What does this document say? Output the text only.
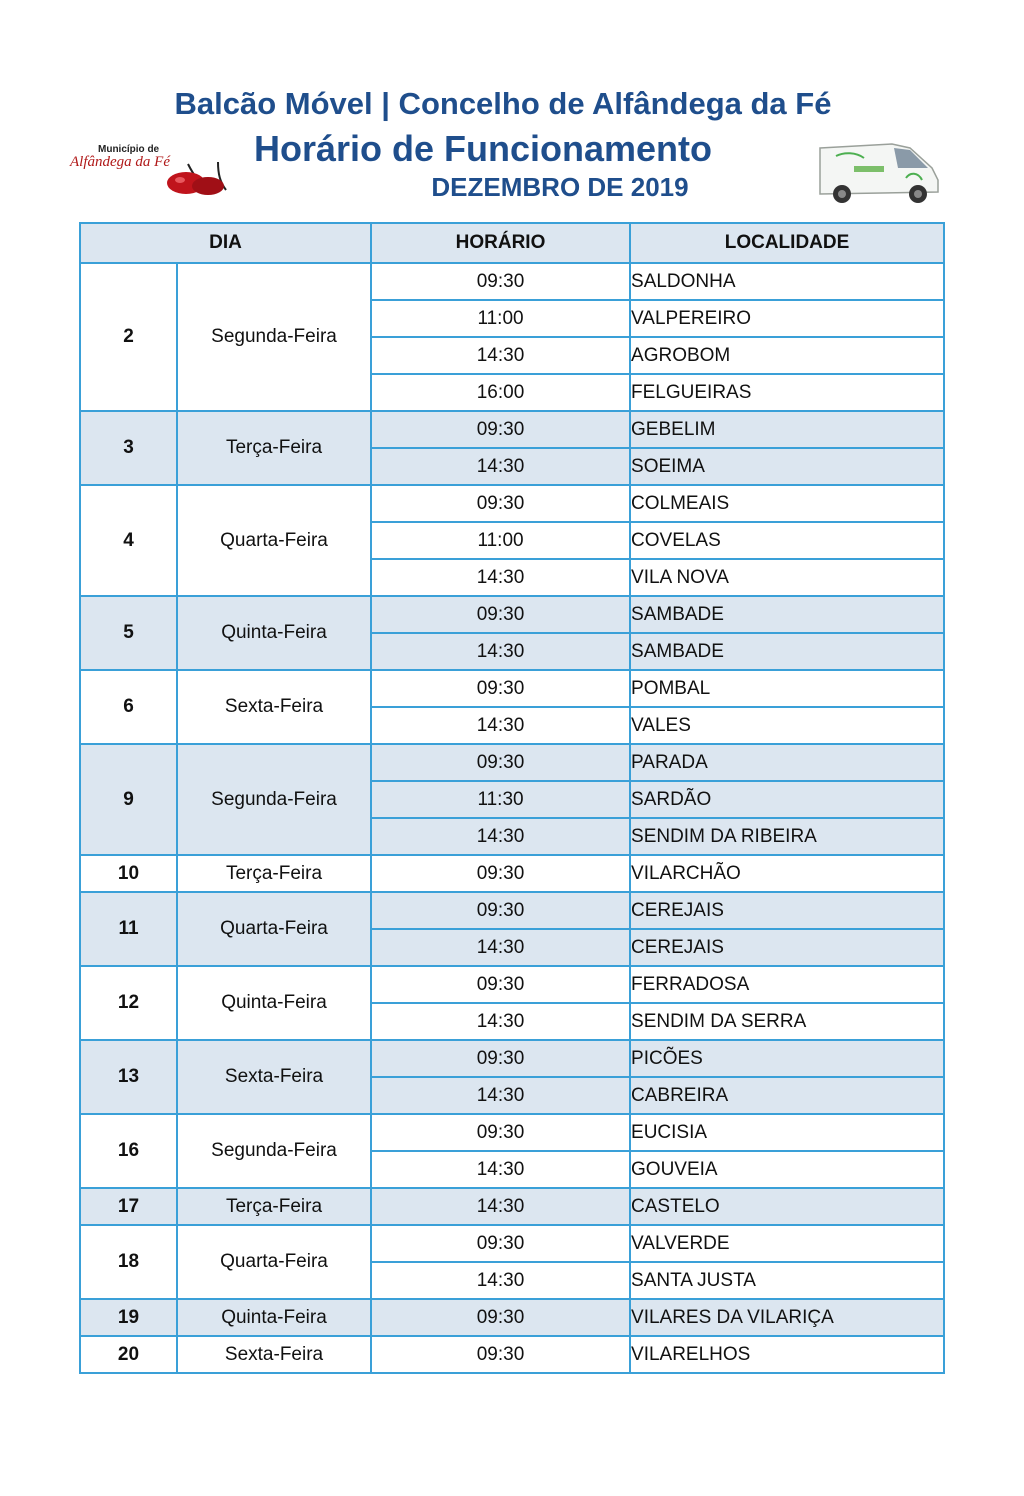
Balcão Móvel | Concelho de Alfândega da Fé
Município de
Alfândega da Fé	Horário de Funcionamento
DEZEMBRO DE 2019
DIA		HORÁRIO	LOCALIDADE
2	Segunda-Feira	09:30	SALDONHA
		11:00	VALPEREIRO
		14:30	AGROBOM
		16:00	FELGUEIRAS
3	Terça-Feira	09:30	GEBELIM
		14:30	SOEIMA
4	Quarta-Feira	09:30	COLMEAIS
		11:00	COVELAS
		14:30	VILA NOVA
5	Quinta-Feira	09:30	SAMBADE
		14:30	SAMBADE
6	Sexta-Feira	09:30	POMBAL
		14:30	VALES
9	Segunda-Feira	09:30	PARADA
		11:30	SARDÃO
		14:30	SENDIM DA RIBEIRA
10	Terça-Feira	09:30	VILARCHÃO
11	Quarta-Feira	09:30	CEREJAIS
		14:30	CEREJAIS
12	Quinta-Feira	09:30	FERRADOSA
		14:30	SENDIM DA SERRA
13	Sexta-Feira	09:30	PICÕES
		14:30	CABREIRA
16	Segunda-Feira	09:30	EUCISIA
		14:30	GOUVEIA
17	Terça-Feira	14:30	CASTELO
18	Quarta-Feira	09:30	VALVERDE
		14:30	SANTA JUSTA
19	Quinta-Feira	09:30	VILARES DA VILARIÇA
20	Sexta-Feira	09:30	VILARELHOS
